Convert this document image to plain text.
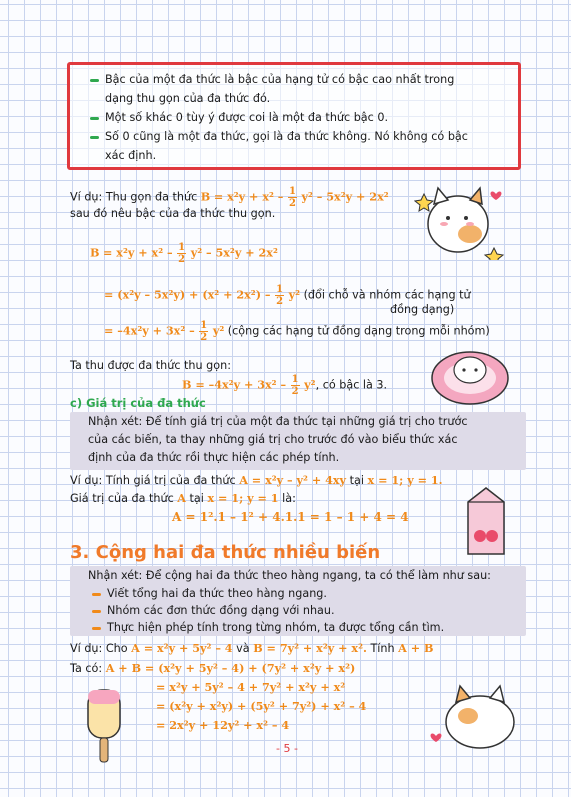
Bậc của một đa thức là bậc của hạng tử có bậc cao nhất trong
dạng thu gọn của đa thức đó.
Một số khác 0 tùy ý được coi là một đa thức bậc 0.
Số 0 cũng là một đa thức, gọi là đa thức không. Nó không có bậc
xác định.
Ví dụ: Thu gọn đa thức $B = x^2y + x^2 - \frac{1}{2} y^2 - 5x^2y + 2x^2$
sau đó nêu bậc của đa thức thu gọn.
$B = x^2y + x^2 - \frac{1}{2} y^2 - 5x^2y + 2x^2$
= $(x^2y - 5x^2y) + (x^2 + 2x^2) - \frac{1}{2} y^2$ (đổi chỗ và nhóm các hạng tử
đồng dạng)
= $-4x^2y + 3x^2 - \frac{1}{2} y^2$ (cộng các hạng tử đồng dạng trong mỗi nhóm)
Ta thu được đa thức thu gọn:
$B = -4x^2y + 3x^2 - \frac{1}{2} y^2$, có bậc là 3.
c) Giá trị của đa thức
Nhận xét: Để tính giá trị của một đa thức tại những giá trị cho trước
của các biến, ta thay những giá trị cho trước đó vào biểu thức xác
định của đa thức rồi thực hiện các phép tính.
Ví dụ: Tính giá trị của đa thức A = x²y – y² + 4xy tại x = 1; y = 1.
Giá trị của đa thức A tại x = 1; y = 1 là:
A = 1².1 – 1² + 4.1.1 = 1 – 1 + 4 = 4
3. Cộng hai đa thức nhiều biến
Nhận xét: Để cộng hai đa thức theo hàng ngang, ta có thể làm như sau:
Viết tổng hai đa thức theo hàng ngang.
Nhóm các đơn thức đồng dạng với nhau.
Thực hiện phép tính trong từng nhóm, ta được tổng cần tìm.
Ví dụ: Cho A = x²y + 5y² – 4 và B = 7y² + x²y + x². Tính A + B
Ta có: A + B = (x²y + 5y² – 4) + (7y² + x²y + x²)
= x²y + 5y² – 4 + 7y² + x²y + x²
= (x²y + x²y) + (5y² + 7y²) + x² – 4
= 2x²y + 12y² + x² – 4
- 5 -
